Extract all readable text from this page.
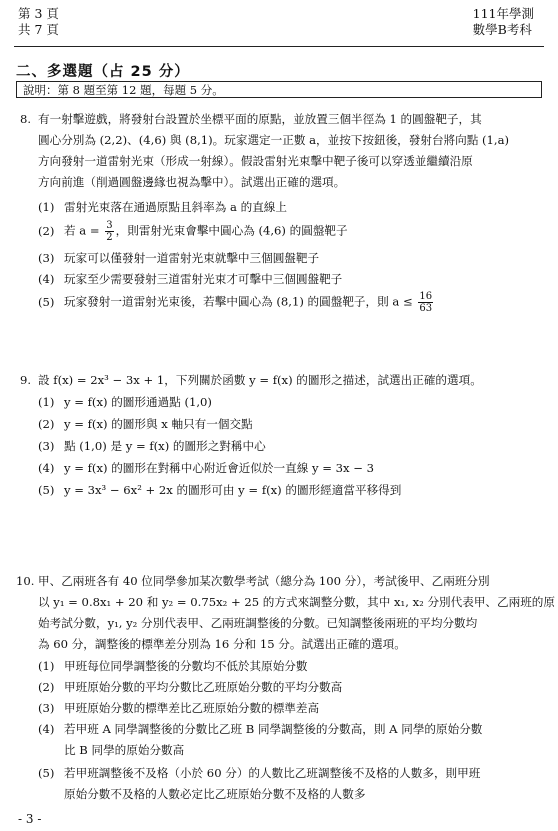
第 3 頁
共 7 頁
111年學測
數學B考科
二、多選題（占 25 分）
說明：第 8 題至第 12 題，每題 5 分。
8. 有一射擊遊戲，將發射台設置於坐標平面的原點，並放置三個半徑為 1 的圓盤靶子，其
圓心分別為 (2,2)、(4,6) 與 (8,1)。玩家選定一正數 a，並按下按鈕後，發射台將向點 (1,a)
方向發射一道雷射光束（形成一射線）。假設雷射光束擊中靶子後可以穿透並繼續沿原
方向前進（削過圓盤邊緣也視為擊中）。試選出正確的選項。
(1) 雷射光束落在通過原點且斜率為 a 的直線上
(2) 若 $a = \frac{3}{2}$ ，則雷射光束會擊中圓心為 (4,6) 的圓盤靶子
(3) 玩家可以僅發射一道雷射光束就擊中三個圓盤靶子
(4) 玩家至少需要發射三道雷射光束才可擊中三個圓盤靶子
(5) 玩家發射一道雷射光束後，若擊中圓心為 (8,1) 的圓盤靶子，則 $a \le \frac{16}{63}$
9. 設 f(x) = 2x³ − 3x + 1，下列關於函數 y = f(x) 的圖形之描述，試選出正確的選項。
(1) y = f(x) 的圖形通過點 (1,0)
(2) y = f(x) 的圖形與 x 軸只有一個交點
(3) 點 (1,0) 是 y = f(x) 的圖形之對稱中心
(4) y = f(x) 的圖形在對稱中心附近會近似於一直線 y = 3x − 3
(5) y = 3x³ − 6x² + 2x 的圖形可由 y = f(x) 的圖形經適當平移得到
10. 甲、乙兩班各有 40 位同學參加某次數學考試（總分為 100 分），考試後甲、乙兩班分別
以 y₁ = 0.8x₁ + 20 和 y₂ = 0.75x₂ + 25 的方式來調整分數，其中 x₁, x₂ 分別代表甲、乙兩班的原
始考試分數，y₁, y₂ 分別代表甲、乙兩班調整後的分數。已知調整後兩班的平均分數均
為 60 分，調整後的標準差分別為 16 分和 15 分。試選出正確的選項。
(1) 甲班每位同學調整後的分數均不低於其原始分數
(2) 甲班原始分數的平均分數比乙班原始分數的平均分數高
(3) 甲班原始分數的標準差比乙班原始分數的標準差高
(4) 若甲班 A 同學調整後的分數比乙班 B 同學調整後的分數高，則 A 同學的原始分數
比 B 同學的原始分數高
(5) 若甲班調整後不及格（小於 60 分）的人數比乙班調整後不及格的人數多，則甲班
原始分數不及格的人數必定比乙班原始分數不及格的人數多
- 3 -
